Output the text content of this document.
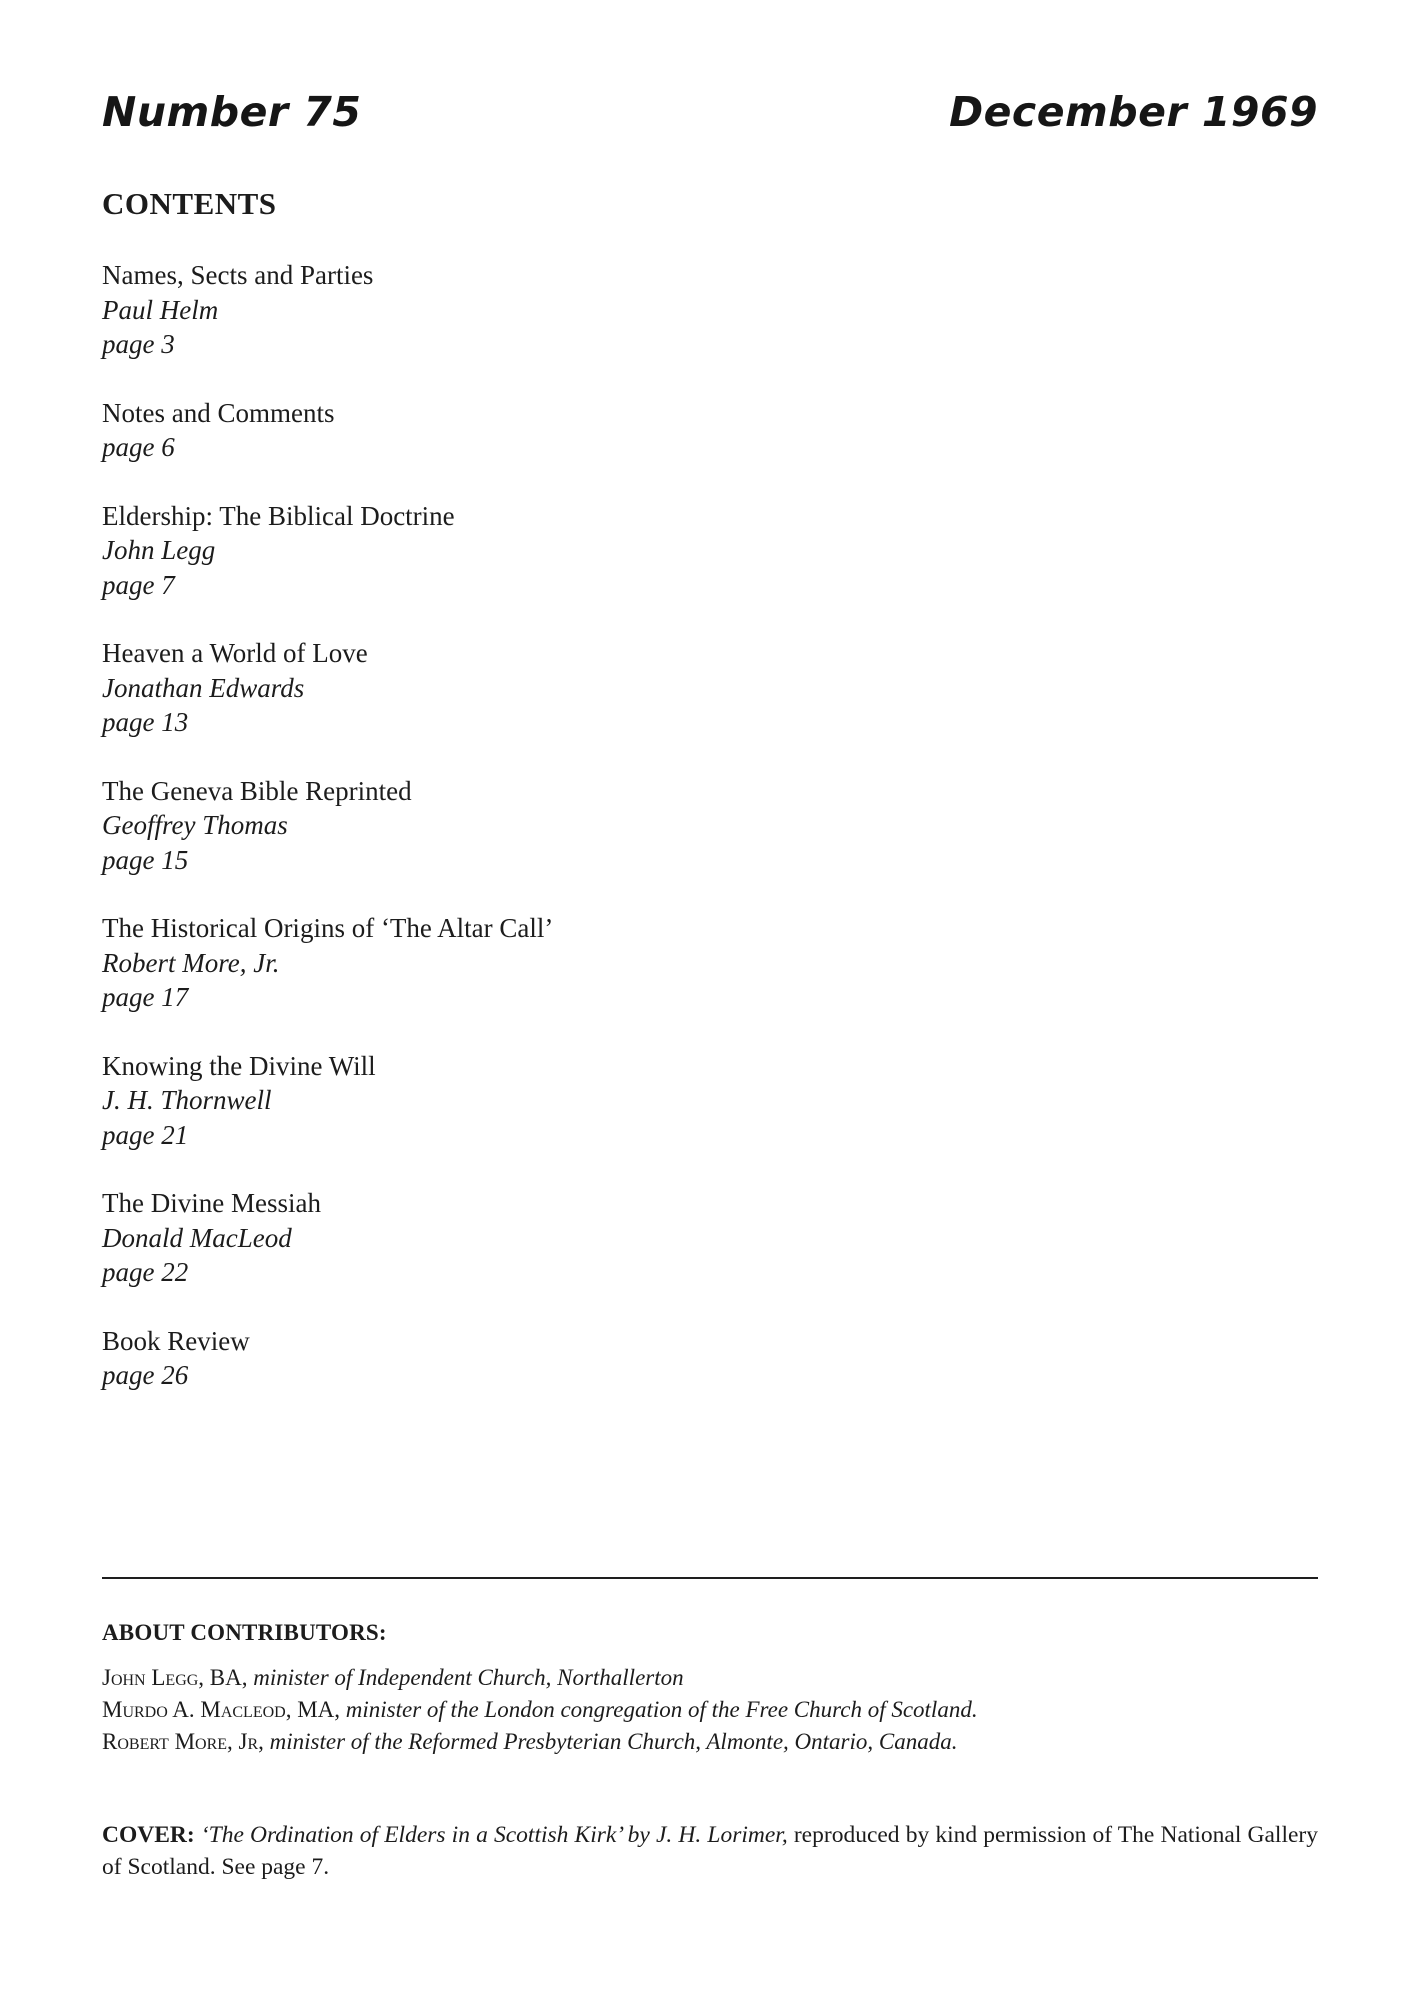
Number 75	December 1969
CONTENTS
Names, Sects and Parties
Paul Helm
page 3
Notes and Comments
page 6
Eldership: The Biblical Doctrine
John Legg
page 7
Heaven a World of Love
Jonathan Edwards
page 13
The Geneva Bible Reprinted
Geoffrey Thomas
page 15
The Historical Origins of ‘The Altar Call’
Robert More, Jr.
page 17
Knowing the Divine Will
J. H. Thornwell
page 21
The Divine Messiah
Donald MacLeod
page 22
Book Review
page 26
ABOUT CONTRIBUTORS:
John Legg, BA, minister of Independent Church, Northallerton
Murdo A. Macleod, MA, minister of the London congregation of the Free Church of Scotland.
Robert More, Jr, minister of the Reformed Presbyterian Church, Almonte, Ontario, Canada.
COVER: ‘The Ordination of Elders in a Scottish Kirk’ by J. H. Lorimer, reproduced by kind permission of The National Gallery of Scotland. See page 7.
